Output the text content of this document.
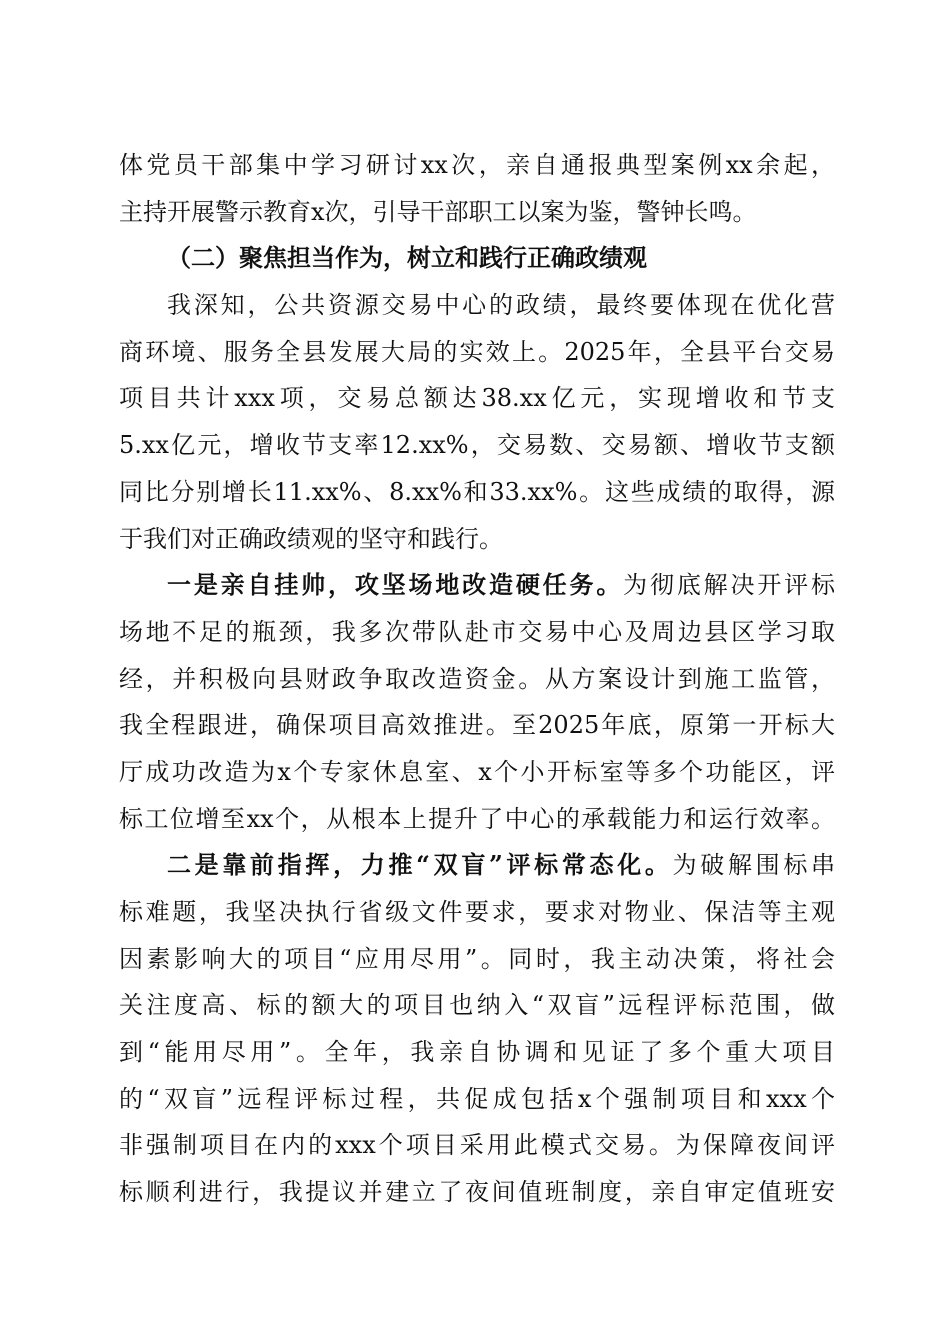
体党员干部集中学习研讨xx次，亲自通报典型案例xx余起，
主持开展警示教育x次，引导干部职工以案为鉴，警钟长鸣。
（二）聚焦担当作为，树立和践行正确政绩观
我深知，公共资源交易中心的政绩，最终要体现在优化营
商环境、服务全县发展大局的实效上。2025年，全县平台交易
项目共计xxx项，交易总额达38.xx亿元，实现增收和节支
5.xx亿元，增收节支率12.xx%，交易数、交易额、增收节支额
同比分别增长11.xx%、8.xx%和33.xx%。这些成绩的取得，源
于我们对正确政绩观的坚守和践行。
一是亲自挂帅，攻坚场地改造硬任务。为彻底解决开评标
场地不足的瓶颈，我多次带队赴市交易中心及周边县区学习取
经，并积极向县财政争取改造资金。从方案设计到施工监管，
我全程跟进，确保项目高效推进。至2025年底，原第一开标大
厅成功改造为x个专家休息室、x个小开标室等多个功能区，评
标工位增至xx个，从根本上提升了中心的承载能力和运行效率。
二是靠前指挥，力推“双盲”评标常态化。为破解围标串
标难题，我坚决执行省级文件要求，要求对物业、保洁等主观
因素影响大的项目“应用尽用”。同时，我主动决策，将社会
关注度高、标的额大的项目也纳入“双盲”远程评标范围，做
到“能用尽用”。全年，我亲自协调和见证了多个重大项目
的“双盲”远程评标过程，共促成包括x个强制项目和xxx个
非强制项目在内的xxx个项目采用此模式交易。为保障夜间评
标顺利进行，我提议并建立了夜间值班制度，亲自审定值班安
